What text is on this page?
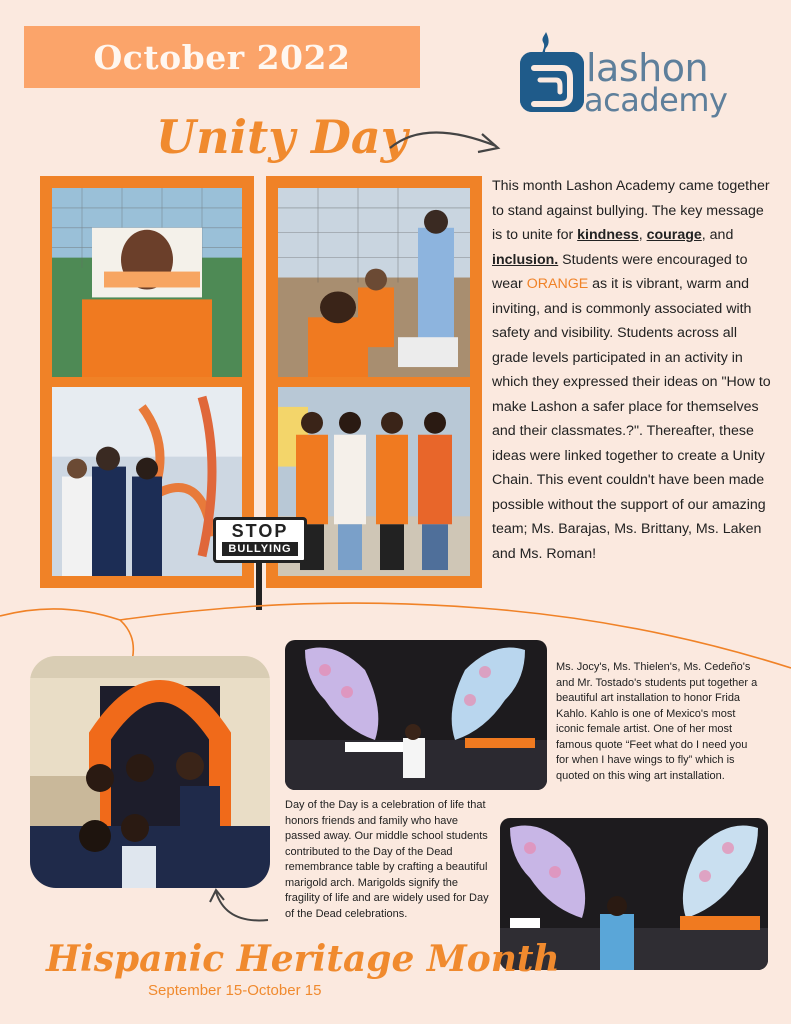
October 2022	lashon
academy
Unity Day
STOP
BULLYING
This month Lashon Academy came together to stand against bullying. The key message is to unite for kindness, courage, and inclusion. Students were encouraged to wear ORANGE as it is vibrant, warm and inviting, and is commonly associated with safety and visibility. Students across all grade levels participated in an activity in which they expressed their ideas on "How to make Lashon a safer place for themselves and their classmates.?". Thereafter, these ideas were linked together to create a Unity Chain. This event couldn't have been made possible without the support of our amazing team; Ms. Barajas, Ms. Brittany, Ms. Laken and Ms. Roman!
Ms. Jocy's, Ms. Thielen's, Ms. Cedeño's and Mr. Tostado's students put together a beautiful art installation to honor Frida Kahlo. Kahlo is one of Mexico's most iconic female artist. One of her most famous quote “Feet what do I need you for when I have wings to fly” which is quoted on this wing art installation.
Day of the Day is a celebration of life that honors friends and family who have passed away. Our middle school students contributed to the Day of the Dead remembrance table by crafting a beautiful marigold arch. Marigolds signify the fragility of life and are widely used for Day of the Dead celebrations.
Hispanic Heritage Month
September 15-October 15
